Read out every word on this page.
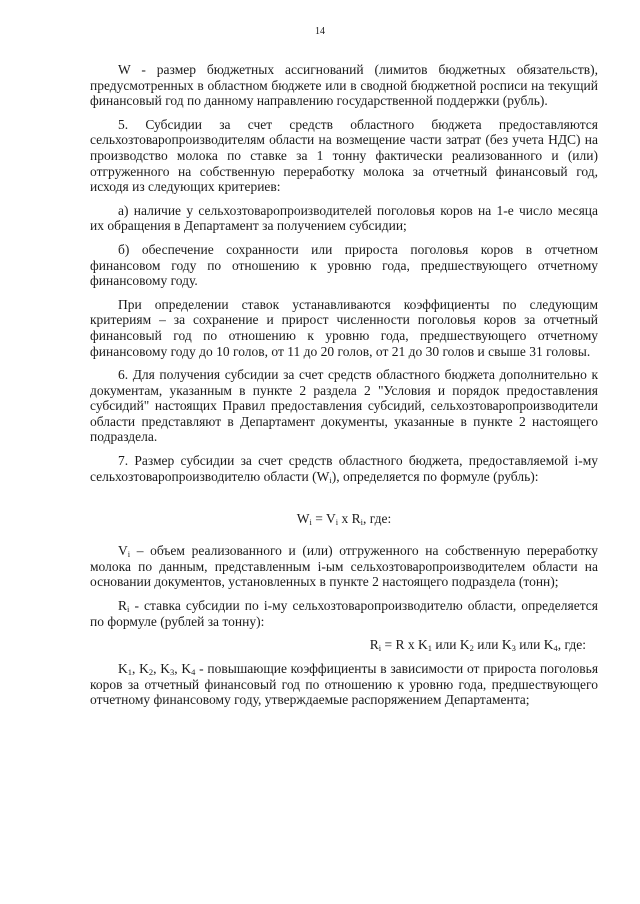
14

W - размер бюджетных ассигнований (лимитов бюджетных обязательств), предусмотренных в областном бюджете или в сводной бюджетной росписи на текущий финансовый год по данному направлению государственной поддержки (рубль).

5. Субсидии за счет средств областного бюджета предоставляются сельхозтоваропроизводителям области на возмещение части затрат (без учета НДС) на производство молока по ставке за 1 тонну фактически реализованного и (или) отгруженного на собственную переработку молока за отчетный финансовый год, исходя из следующих критериев:

а) наличие у сельхозтоваропроизводителей поголовья коров на 1-е число месяца их обращения в Департамент за получением субсидии;

б) обеспечение сохранности или прироста поголовья коров в отчетном финансовом году по отношению к уровню года, предшествующего отчетному финансовому году.

При определении ставок устанавливаются коэффициенты по следующим критериям – за сохранение и прирост численности поголовья коров за отчетный финансовый год по отношению к уровню года, предшествующего отчетному финансовому году до 10 голов, от 11 до 20 голов, от 21 до 30 голов и свыше 31 головы.

6. Для получения субсидии за счет средств областного бюджета дополнительно к документам, указанным в пункте 2 раздела 2 "Условия и порядок предоставления субсидий" настоящих Правил предоставления субсидий, сельхозтоваропроизводители области представляют в Департамент документы, указанные в пункте 2 настоящего подраздела.

7. Размер субсидии за счет средств областного бюджета, предоставляемой i-му сельхозтоваропроизводителю области $(W_i)$, определяется по формуле (рубль):

$W_i = V_i$ х $R_i$, где:

$V_i$ – объем реализованного и (или) отгруженного на собственную переработку молока по данным, представленным i-ым сельхозтоваропроизводителем области на основании документов, установленных в пункте 2 настоящего подраздела (тонн);

$R_i$ - ставка субсидии по i-му сельхозтоваропроизводителю области, определяется по формуле (рублей за тонну):

$R_i = R$ х $K_1$ или $K_2$ или $K_3$ или $K_4$, где:

$K_1$, $K_2$, $K_3$, $K_4$ - повышающие коэффициенты в зависимости от прироста поголовья коров за отчетный финансовый год по отношению к уровню года, предшествующего отчетному финансовому году, утверждаемые распоряжением Департамента;
